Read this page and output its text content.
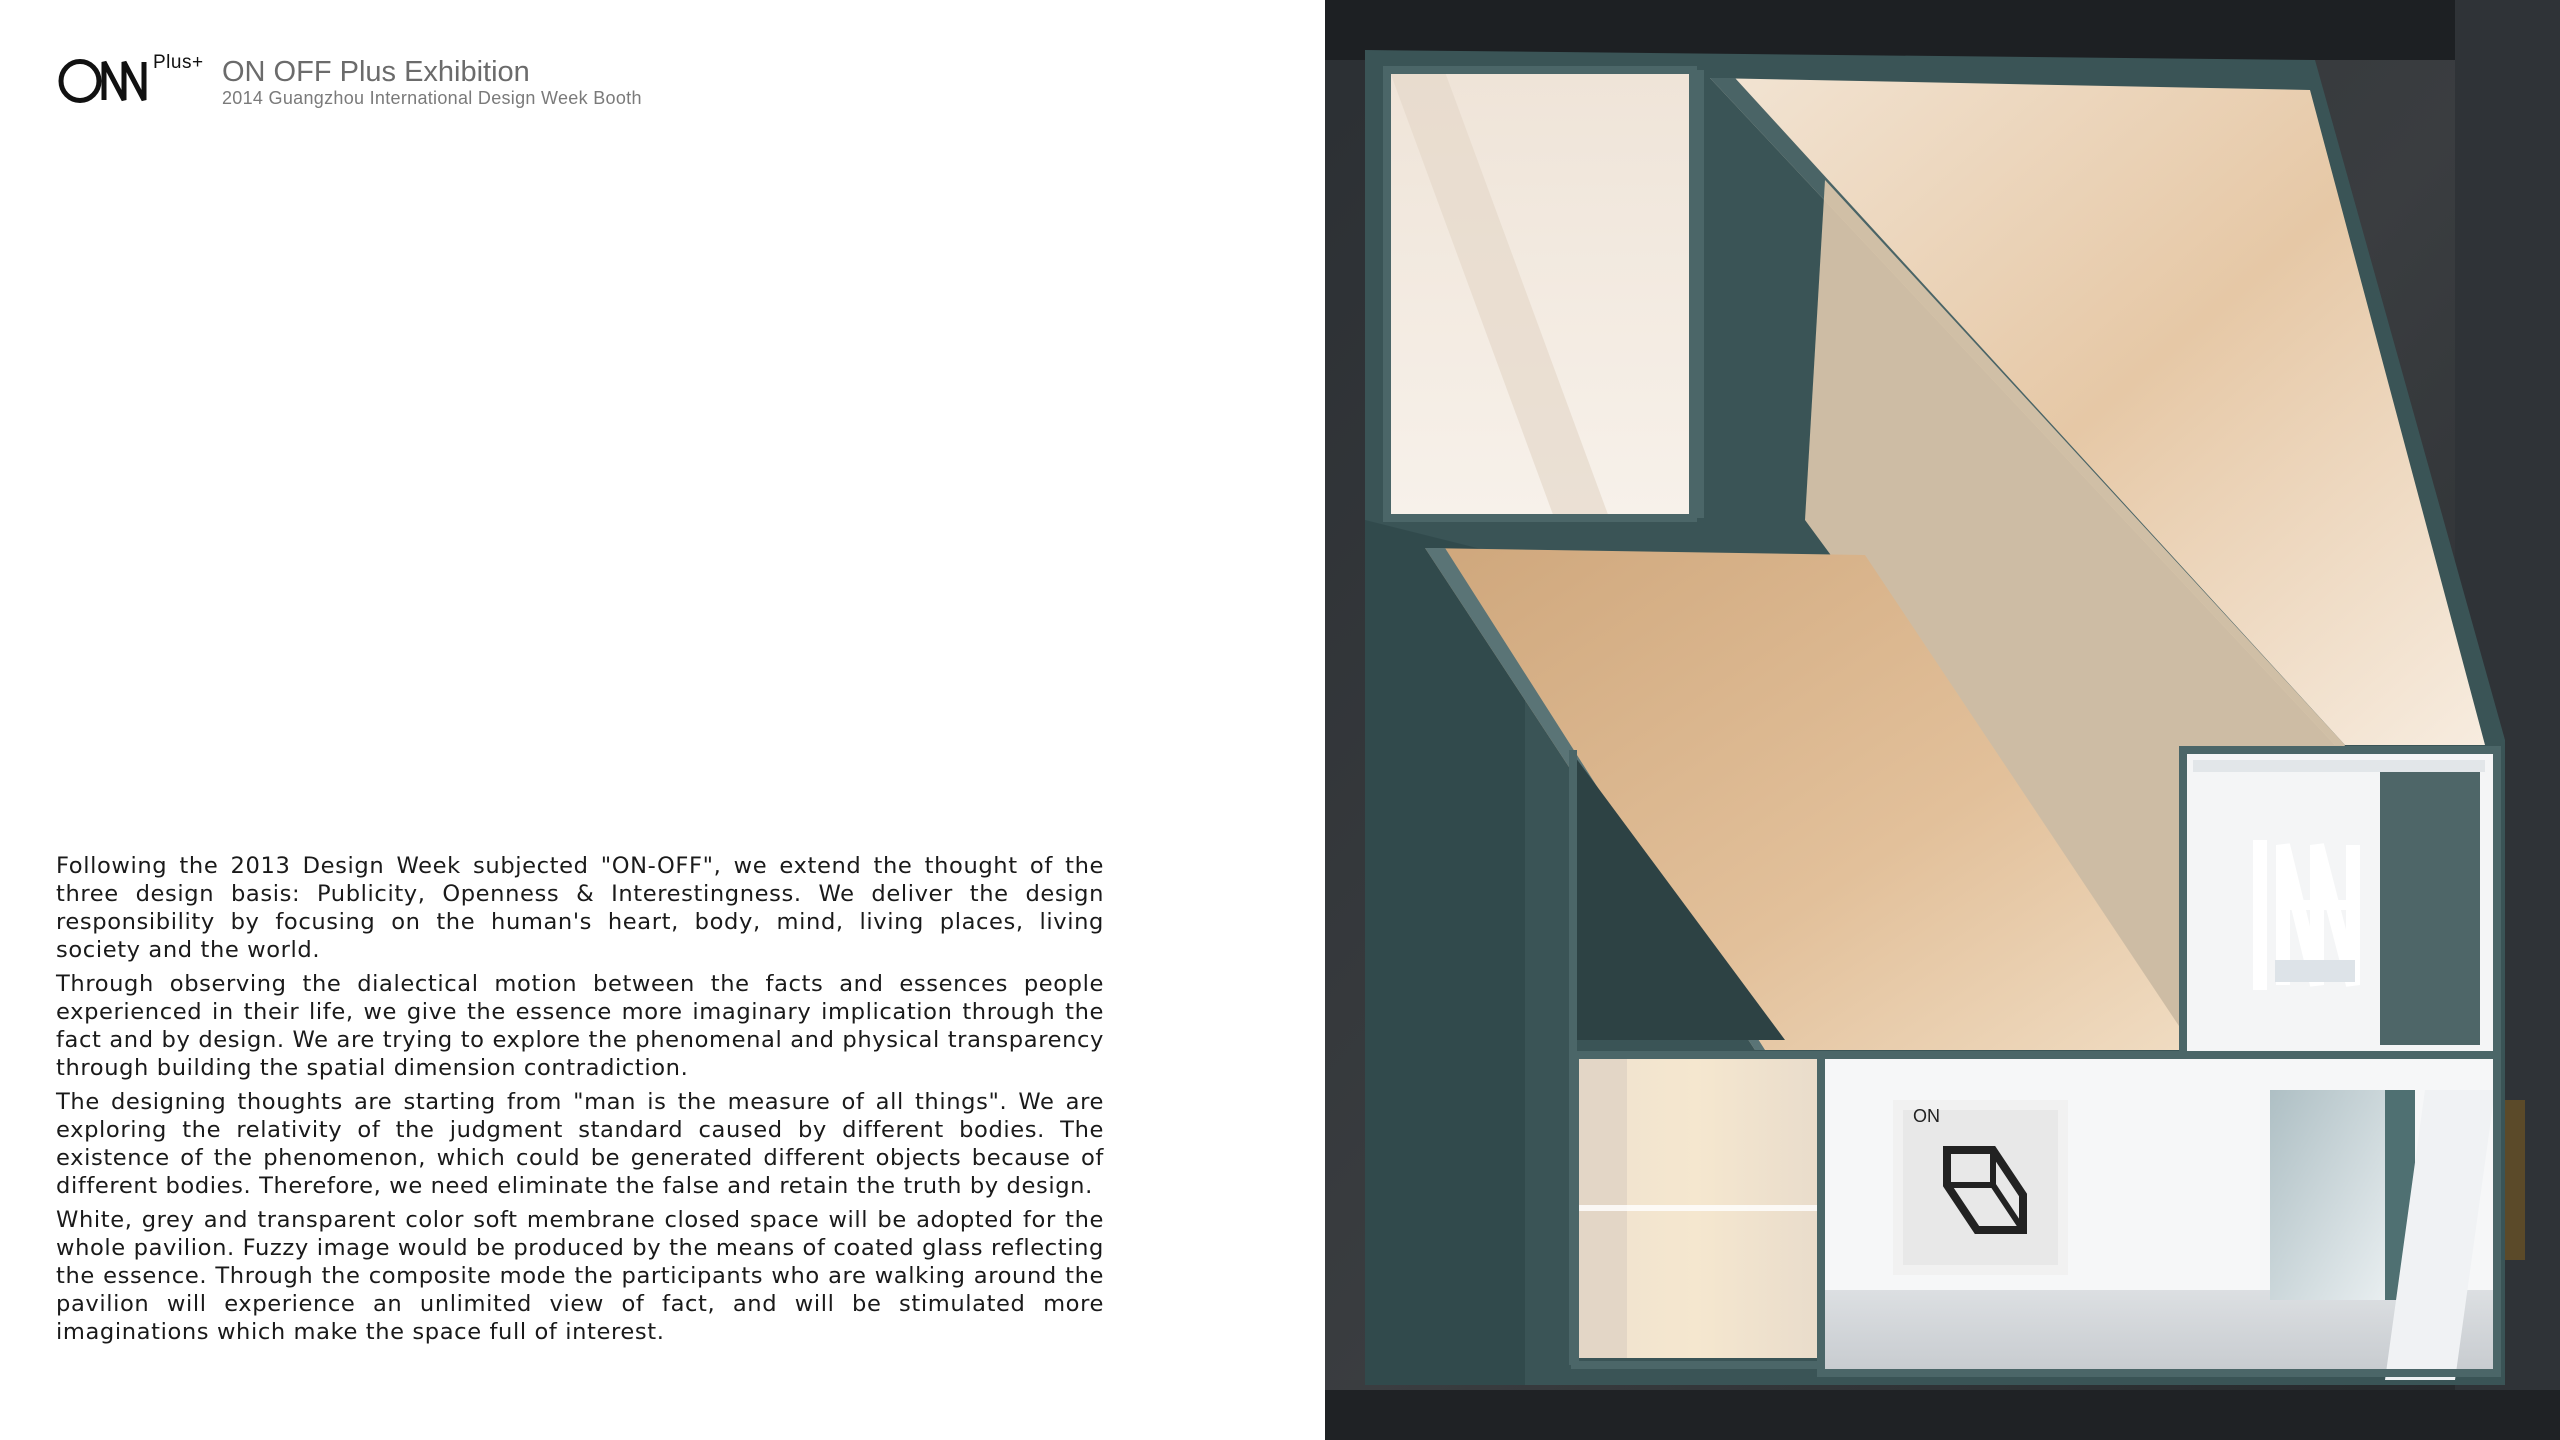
Plus+ ON OFF Plus Exhibition
2014 Guangzhou International Design Week Booth

Following the 2013 Design Week subjected "ON-OFF", we extend the thought of the three design basis: Publicity, Openness & Interestingness. We deliver the design responsibility by focusing on the human's heart, body, mind, living places, living society and the world.

Through observing the dialectical motion between the facts and essences people experienced in their life, we give the essence more imaginary implication through the fact and by design. We are trying to explore the phenomenal and physical transparency through building the spatial dimension contradiction.

The designing thoughts are starting from "man is the measure of all things". We are exploring the relativity of the judgment standard caused by different bodies. The existence of the phenomenon, which could be generated different objects because of different bodies. Therefore, we need eliminate the false and retain the truth by design.

White, grey and transparent color soft membrane closed space will be adopted for the whole pavilion. Fuzzy image would be produced by the means of coated glass reflecting the essence. Through the composite mode the participants who are walking around the pavilion will experience an unlimited view of fact, and will be stimulated more imaginations which make the space full of interest.

ON
